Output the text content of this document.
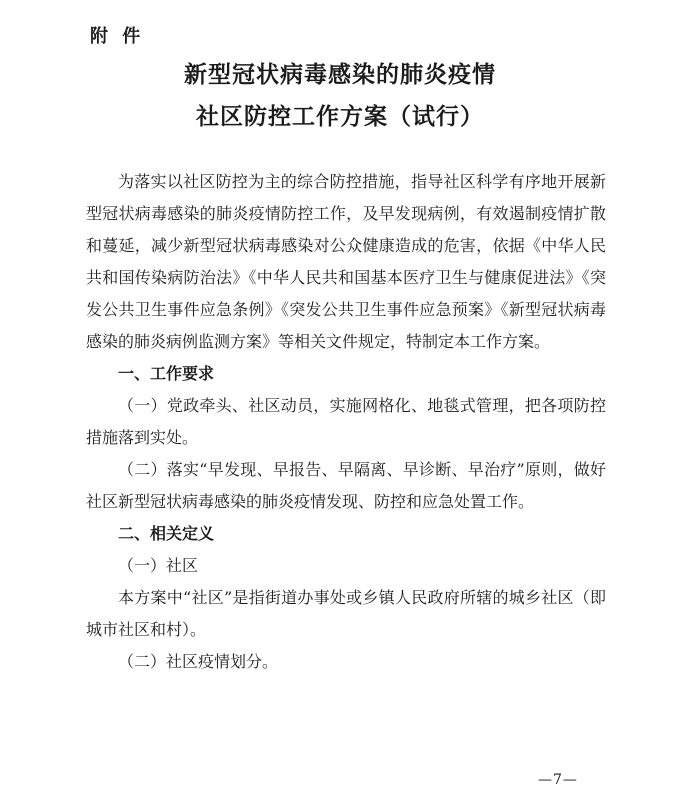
附 件
新型冠状病毒感染的肺炎疫情
社区防控工作方案（试行）

为落实以社区防控为主的综合防控措施，指导社区科学有序地开展新型冠状病毒感染的肺炎疫情防控工作，及早发现病例，有效遏制疫情扩散和蔓延，减少新型冠状病毒感染对公众健康造成的危害，依据《中华人民共和国传染病防治法》《中华人民共和国基本医疗卫生与健康促进法》《突发公共卫生事件应急条例》《突发公共卫生事件应急预案》《新型冠状病毒感染的肺炎病例监测方案》等相关文件规定，特制定本工作方案。

一、工作要求

（一）党政牵头、社区动员，实施网格化、地毯式管理，把各项防控措施落到实处。

（二）落实“早发现、早报告、早隔离、早诊断、早治疗”原则，做好社区新型冠状病毒感染的肺炎疫情发现、防控和应急处置工作。

二、相关定义

（一）社区

本方案中“社区”是指街道办事处或乡镇人民政府所辖的城乡社区（即城市社区和村）。

（二）社区疫情划分。

—7—
